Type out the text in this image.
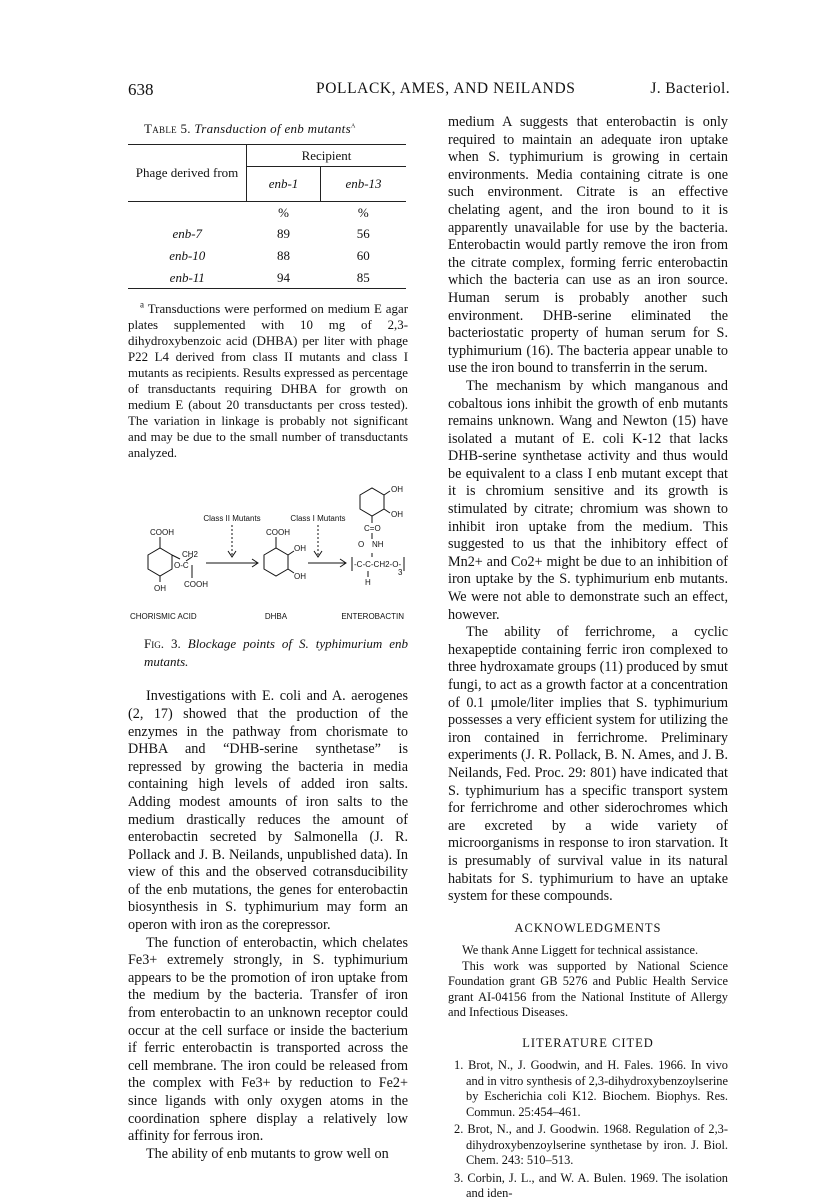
638	POLLACK, AMES, AND NEILANDS	J. Bacteriol.
Table 5. Transduction of enb mutants$^a$
Phage derived from	Recipient	
	enb-1	enb-13
	%	%
enb-7	89	56
enb-10	88	60
enb-11	94	85
$^a$ Transductions were performed on medium E agar plates supplemented with 10 mg of 2,3-dihydroxybenzoic acid (DHBA) per liter with phage P22 L4 derived from class II mutants and class I mutants as recipients. Results expressed as percentage of transductants requiring DHBA for growth on medium E (about 20 transductants per cross tested). The variation in linkage is probably not significant and may be due to the small number of transductants analyzed.
Class II Mutants	Class I Mutants
COOH
CH2
O-C
COOH
OH
COOH
OH
OH
OH
OH
C=O
O NH
-C-C-CH2-O-
H
3
CHORISMIC ACID	DHBA	ENTEROBACTIN
Fig. 3. Blockage points of S. typhimurium enb mutants.

Investigations with E. coli and A. aerogenes (2, 17) showed that the production of the enzymes in the pathway from chorismate to DHBA and “DHB-serine synthetase” is repressed by growing the bacteria in media containing high levels of added iron salts. Adding modest amounts of iron salts to the medium drastically reduces the amount of enterobactin secreted by Salmonella (J. R. Pollack and J. B. Neilands, unpublished data). In view of this and the observed cotransducibility of the enb mutations, the genes for enterobactin biosynthesis in S. typhimurium may form an operon with iron as the corepressor.

The function of enterobactin, which chelates Fe3+ extremely strongly, in S. typhimurium appears to be the promotion of iron uptake from the medium by the bacteria. Transfer of iron from enterobactin to an unknown receptor could occur at the cell surface or inside the bacterium if ferric enterobactin is transported across the cell membrane. The iron could be released from the complex with Fe3+ by reduction to Fe2+ since ligands with only oxygen atoms in the coordination sphere display a relatively low affinity for ferrous iron.

The ability of enb mutants to grow well on

medium A suggests that enterobactin is only required to maintain an adequate iron uptake when S. typhimurium is growing in certain environments. Media containing citrate is one such environment. Citrate is an effective chelating agent, and the iron bound to it is apparently unavailable for use by the bacteria. Enterobactin would partly remove the iron from the citrate complex, forming ferric enterobactin which the bacteria can use as an iron source. Human serum is probably another such environment. DHB-serine eliminated the bacteriostatic property of human serum for S. typhimurium (16). The bacteria appear unable to use the iron bound to transferrin in the serum.

The mechanism by which manganous and cobaltous ions inhibit the growth of enb mutants remains unknown. Wang and Newton (15) have isolated a mutant of E. coli K-12 that lacks DHB-serine synthetase activity and thus would be equivalent to a class I enb mutant except that it is chromium sensitive and its growth is stimulated by citrate; chromium was shown to inhibit iron uptake from the medium. This suggested to us that the inhibitory effect of Mn2+ and Co2+ might be due to an inhibition of iron uptake by the S. typhimurium enb mutants. We were not able to demonstrate such an effect, however.

The ability of ferrichrome, a cyclic hexapeptide containing ferric iron complexed to three hydroxamate groups (11) produced by smut fungi, to act as a growth factor at a concentration of 0.1 μmole/liter implies that S. typhimurium possesses a very efficient system for utilizing the iron contained in ferrichrome. Preliminary experiments (J. R. Pollack, B. N. Ames, and J. B. Neilands, Fed. Proc. 29: 801) have indicated that S. typhimurium has a specific transport system for ferrichrome and other siderochromes which are excreted by a wide variety of microorganisms in response to iron starvation. It is presumably of survival value in its natural habitats for S. typhimurium to have an uptake system for these compounds.

ACKNOWLEDGMENTS
We thank Anne Liggett for technical assistance.
This work was supported by National Science Foundation grant GB 5276 and Public Health Service grant AI-04156 from the National Institute of Allergy and Infectious Diseases.
LITERATURE CITED
1. Brot, N., J. Goodwin, and H. Fales. 1966. In vivo and in vitro synthesis of 2,3-dihydroxybenzoylserine by Escherichia coli K12. Biochem. Biophys. Res. Commun. 25:454–461.
2. Brot, N., and J. Goodwin. 1968. Regulation of 2,3-dihydroxybenzoylserine synthetase by iron. J. Biol. Chem. 243: 510–513.
3. Corbin, J. L., and W. A. Bulen. 1969. The isolation and iden-
